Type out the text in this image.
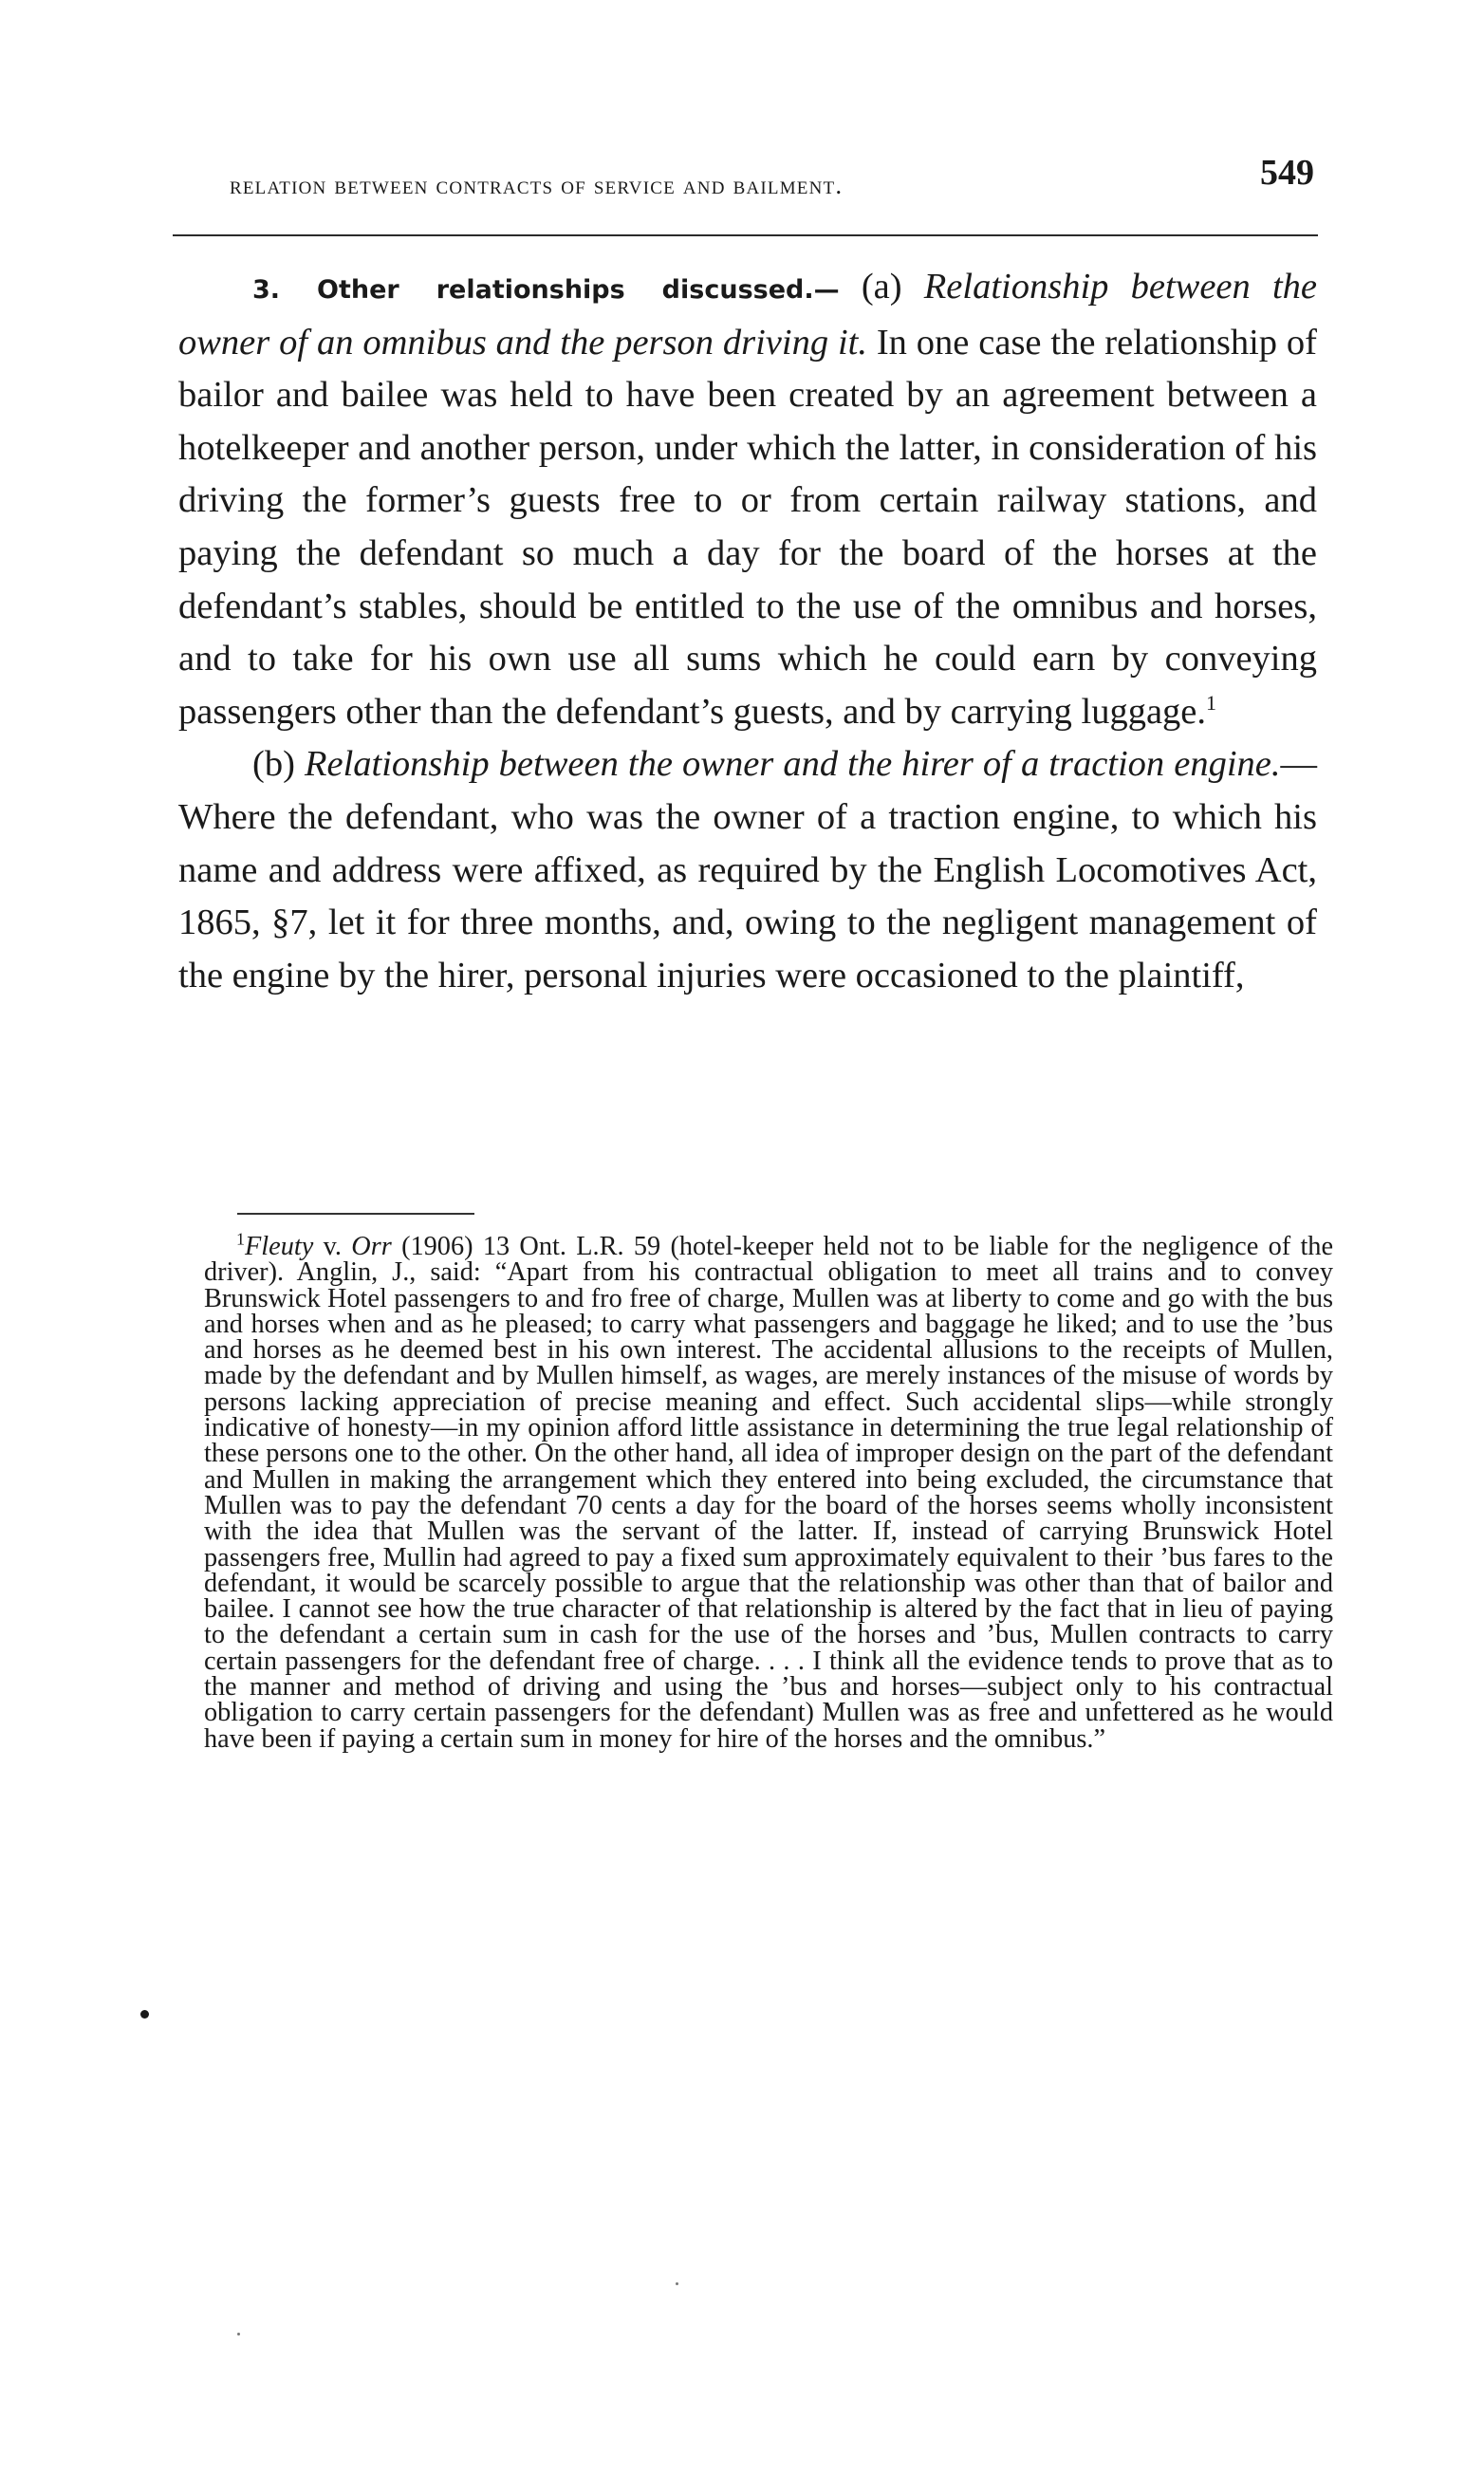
relation between contracts of service and bailment.	549

3. Other relationships discussed.— (a) Relationship between the owner of an omnibus and the person driving it. In one case the relationship of bailor and bailee was held to have been created by an agreement between a hotelkeeper and another person, under which the latter, in consideration of his driving the former’s guests free to or from certain railway stations, and paying the defendant so much a day for the board of the horses at the defendant’s stables, should be entitled to the use of the omnibus and horses, and to take for his own use all sums which he could earn by conveying passengers other than the defendant’s guests, and by carrying luggage.$^1$

(b) Relationship between the owner and the hirer of a traction engine.—Where the defendant, who was the owner of a traction engine, to which his name and address were affixed, as required by the English Locomotives Act, 1865, §7, let it for three months, and, owing to the negligent management of the engine by the hirer, personal injuries were occasioned to the plaintiff,

$^1$Fleuty v. Orr (1906) 13 Ont. L.R. 59 (hotel-keeper held not to be liable for the negligence of the driver). Anglin, J., said: “Apart from his contractual obligation to meet all trains and to convey Brunswick Hotel passengers to and fro free of charge, Mullen was at liberty to come and go with the bus and horses when and as he pleased; to carry what passengers and baggage he liked; and to use the ’bus and horses as he deemed best in his own interest. The accidental allusions to the receipts of Mullen, made by the defendant and by Mullen himself, as wages, are merely instances of the misuse of words by persons lacking appreciation of precise meaning and effect. Such accidental slips—while strongly indicative of honesty—in my opinion afford little assistance in determining the true legal relationship of these persons one to the other. On the other hand, all idea of improper design on the part of the defendant and Mullen in making the arrangement which they entered into being excluded, the circumstance that Mullen was to pay the defendant 70 cents a day for the board of the horses seems wholly inconsistent with the idea that Mullen was the servant of the latter. If, instead of carrying Brunswick Hotel passengers free, Mullin had agreed to pay a fixed sum approximately equivalent to their ’bus fares to the defendant, it would be scarcely possible to argue that the relationship was other than that of bailor and bailee. I cannot see how the true character of that relationship is altered by the fact that in lieu of paying to the defendant a certain sum in cash for the use of the horses and ’bus, Mullen contracts to carry certain passengers for the defendant free of charge. . . . I think all the evidence tends to prove that as to the manner and method of driving and using the ’bus and horses—subject only to his contractual obligation to carry certain passengers for the defendant) Mullen was as free and unfettered as he would have been if paying a certain sum in money for hire of the horses and the omnibus.”
